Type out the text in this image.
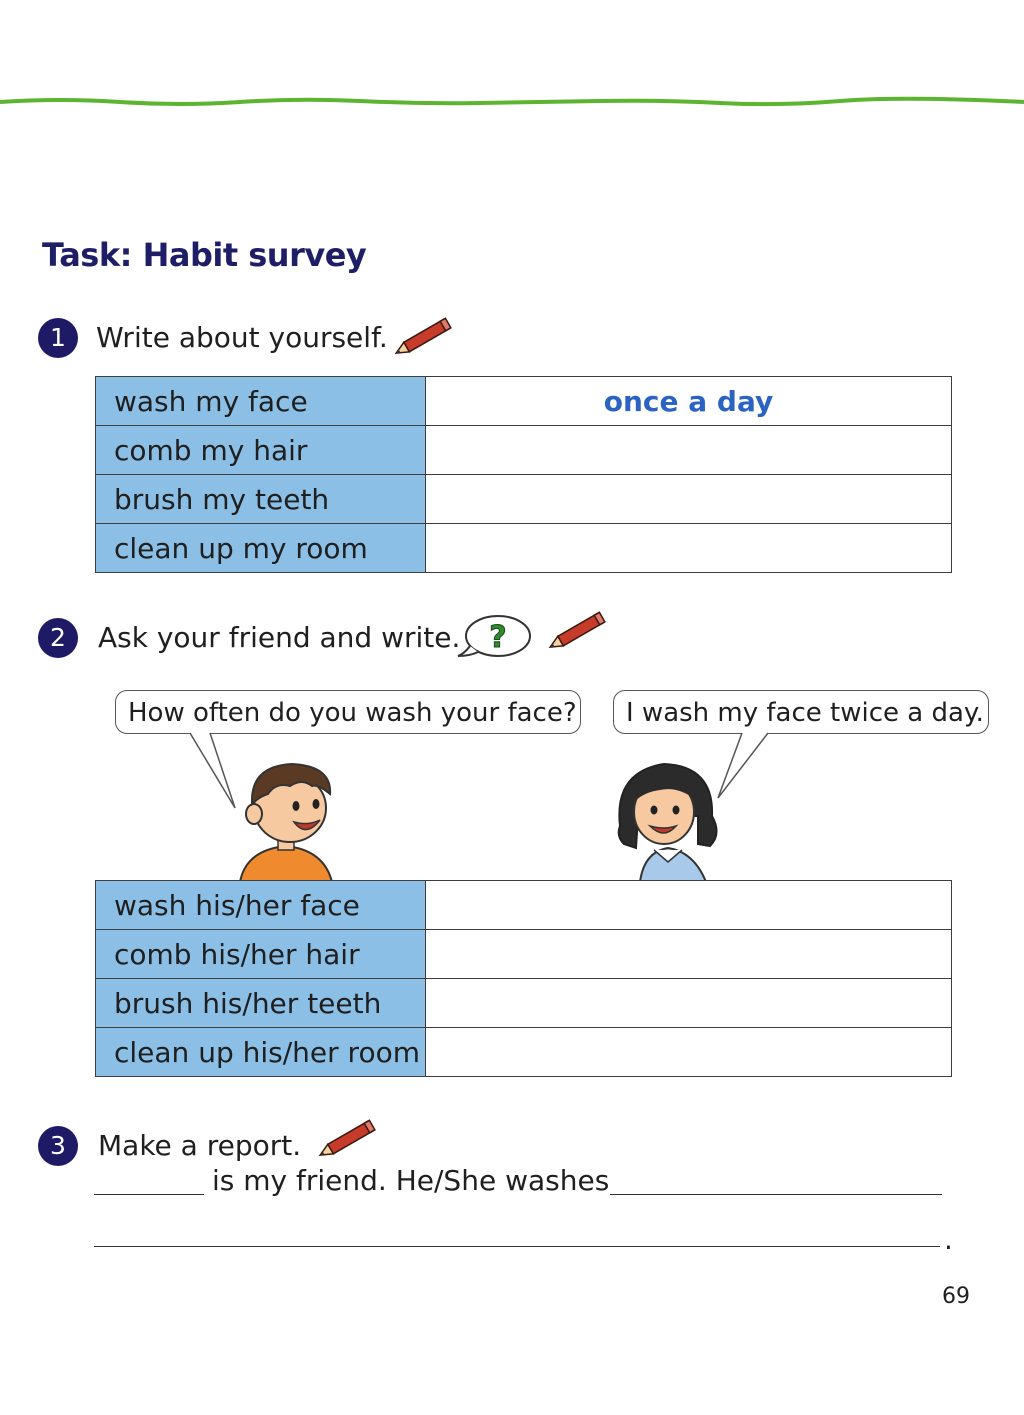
Task: Habit survey
1	Write about yourself.
wash my face	once a day
comb my hair	
brush my teeth	
clean up my room	
2	Ask your friend and write. ?
How often do you wash your face?	I wash my face twice a day.
wash his/her face	
comb his/her hair	
brush his/her teeth	
clean up his/her room	
3	Make a report.
is my friend. He/She washes
.
69
